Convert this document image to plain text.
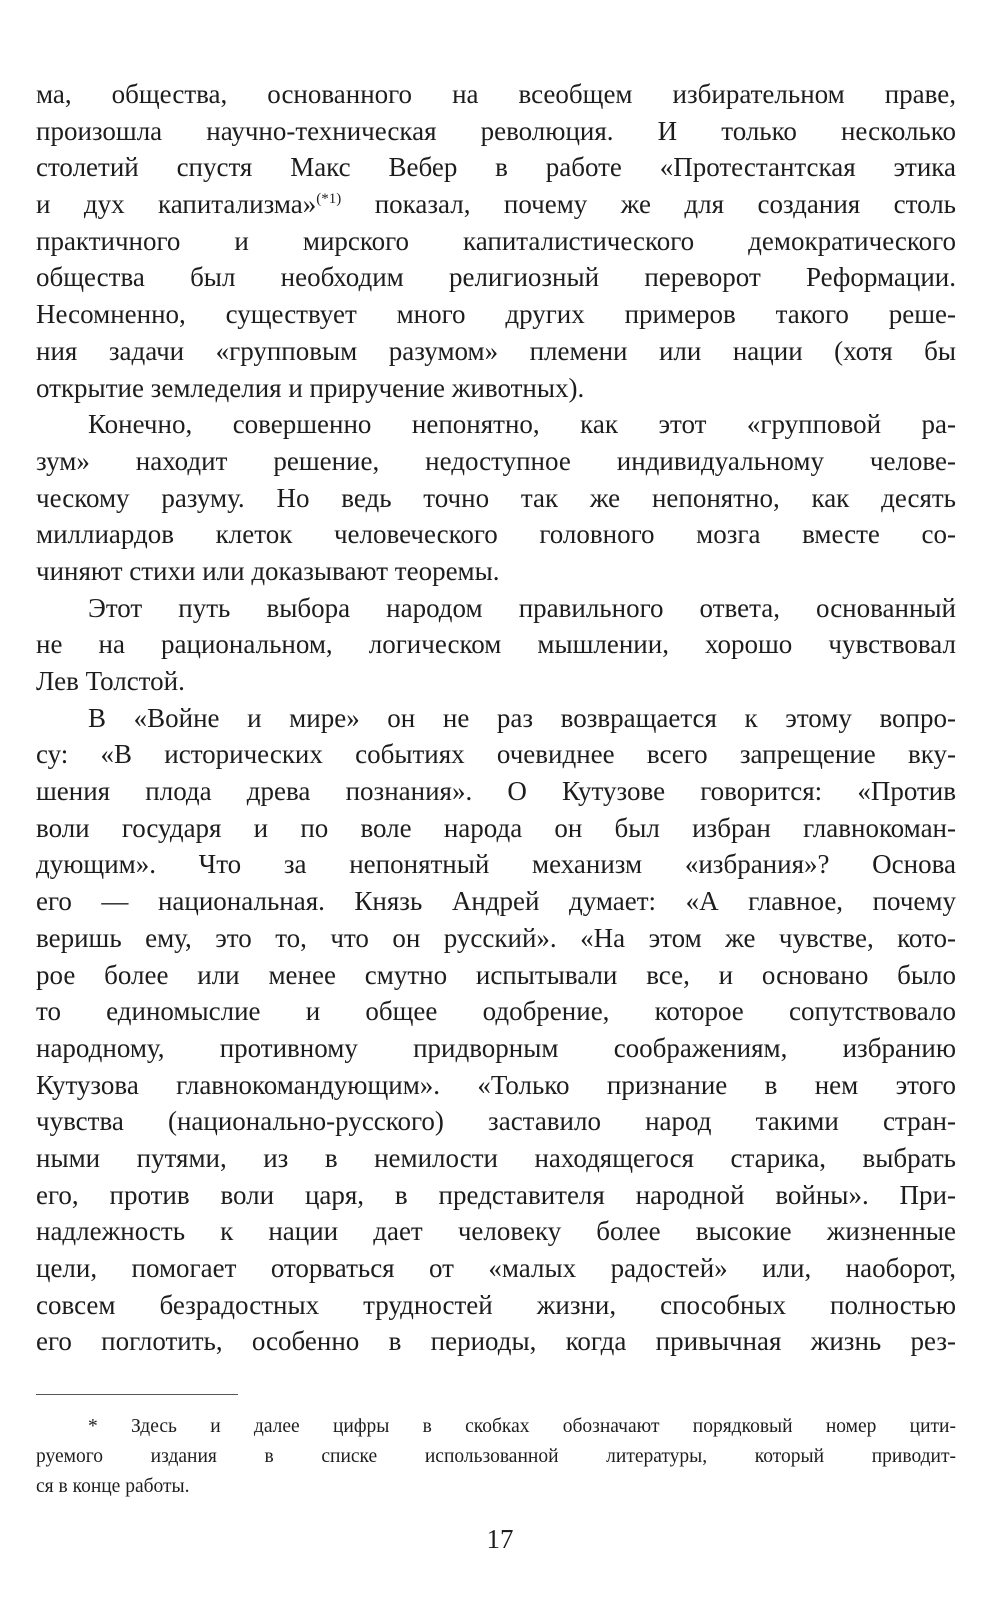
ма, общества, основанного на всеобщем избирательном праве,
произошла научно-техническая революция. И только несколько
столетий спустя Макс Вебер в работе «Протестантская этика
и дух капитализма»$^{(*1)}$ показал, почему же для создания столь
практичного и мирского капиталистического демократического
общества был необходим религиозный переворот Реформации.
Несомненно, существует много других примеров такого реше-
ния задачи «групповым разумом» племени или нации (хотя бы
открытие земледелия и приручение животных).
Конечно, совершенно непонятно, как этот «групповой ра-
зум» находит решение, недоступное индивидуальному челове-
ческому разуму. Но ведь точно так же непонятно, как десять
миллиардов клеток человеческого головного мозга вместе со-
чиняют стихи или доказывают теоремы.
Этот путь выбора народом правильного ответа, основанный
не на рациональном, логическом мышлении, хорошо чувствовал
Лев Толстой.
В «Войне и мире» он не раз возвращается к этому вопро-
су: «В исторических событиях очевиднее всего запрещение вку-
шения плода древа познания». О Кутузове говорится: «Против
воли государя и по воле народа он был избран главнокоман-
дующим». Что за непонятный механизм «избрания»? Основа
его — национальная. Князь Андрей думает: «А главное, почему
веришь ему, это то, что он русский». «На этом же чувстве, кото-
рое более или менее смутно испытывали все, и основано было
то единомыслие и общее одобрение, которое сопутствовало
народному, противному придворным соображениям, избранию
Кутузова главнокомандующим». «Только признание в нем этого
чувства (национально-русского) заставило народ такими стран-
ными путями, из в немилости находящегося старика, выбрать
его, против воли царя, в представителя народной войны». При-
надлежность к нации дает человеку более высокие жизненные
цели, помогает оторваться от «малых радостей» или, наоборот,
совсем безрадостных трудностей жизни, способных полностью
его поглотить, особенно в периоды, когда привычная жизнь рез-
* Здесь и далее цифры в скобках обозначают порядковый номер цити-
руемого издания в списке использованной литературы, который приводит-
ся в конце работы.
17
